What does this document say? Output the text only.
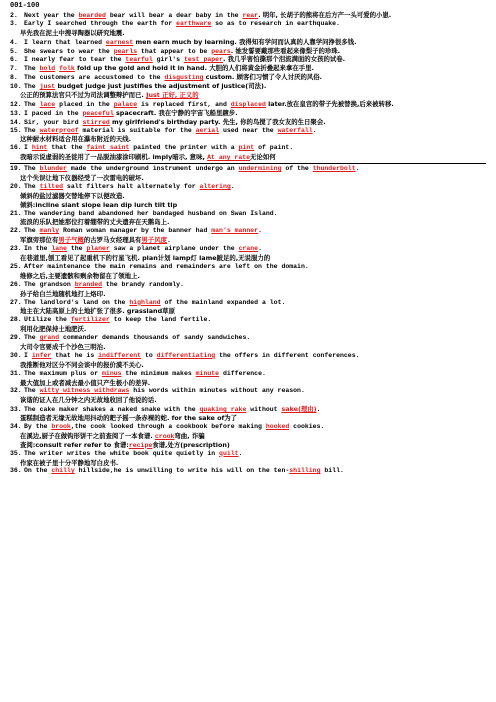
001-100
2.Next year the bearded bear will bear a dear baby in the rear. 明年, 长胡子的熊将在后方产一头可爱的小崽.
3.Early I searched through the earth for earthware so as to research in earthquake.
早先我在泥土中搜寻陶器以研究地震.
4.I learn that learned earnest men earn much by learning. 我得知有学问而认真的人靠学问挣很多钱.
5.She swears to wear the pearls that appear to be pears. 她发誓要戴那些看起来像梨子的珍珠.
6.I nearly fear to tear the tearful girl's test paper. 我几乎害怕撕那个泪流满面的女孩的试卷.
7.The bold folk fold up the gold and hold it in hand. 大胆的人们将黄金折叠起来拿在手里.
8.The customers are accustomed to the disgusting custom. 顾客们习惯了令人讨厌的风俗.
10.The just budget judge just justifies the adjustment of justice(司法).
公正的预算法官只不过为司法调整辩护而已. Just 正好, 正义的
12.The lace placed in the palace is replaced first, and displaced later.放在皇宫的带子先被替换,后来被转移.
13.I paced in the peaceful spacecraft. 我在宁静的宇宙飞船里踱步.
14.Sir, your bird stirred my girlfriend's birthday party. 先生, 你的鸟搅了我女友的生日聚会.
15.The waterproof material is suitable for the aerial used near the waterfall.
这种耐水材料适合用在瀑布附近的天线.
16.I hint that the faint saint painted the printer with a pint of paint.
我暗示说虚弱的圣徒用了一品脱油漆涂印刷机. imply暗示, 意味, At any rate无论如何
19.The blunder made the underground instrument undergo an undermining of the thunderbolt.
这个失误让地下仪器经受了一次雷电的破坏.
20.The tilted salt filters halt alternately for altering.
倾斜的盐过滤器交替地停下以便改造.
倾斜:incline slant slope lean dip lurch tilt tip
21.The wandering band abandoned her bandaged husband on Swan Island.
流浪的乐队把她那位打着绷带的丈夫遗弃在天鹅岛上.
22.The manly Roman woman manager by the banner had man's manner.
军旗旁那位有男子气概的古罗马女经理具有男子风度.
23.In the lane the planer saw a planet airplane under the crane.
在巷道里,刨工看见了起重机下的行星飞机. plan计划 lamp灯 lame跛足的,无说服力的
25.After maintenance the main remains and remainders are left on the domain.
维修之后,主要遗骸和剩余物留在了领地上.
26.The grandson branded the brandy randomly.
孙子给白兰地随机地打上烙印.
27.The landlord's land on the highland of the mainland expanded a lot.
地主在大陆高原上的土地扩张了很多. grassland草原
28.Utilize the fertilizer to keep the land fertile.
利用化肥保持土地肥沃.
29.The grand commander demands thousands of sandy sandwiches.
大司令官要成千个沙色三明治.
30.I infer that he is indifferent to differentiating the offers in different conferences.
我推断他对区分不同会谈中的报价漠不关心.
31.The maximum plus or minus the minimum makes minute difference.
最大值加上或者减去最小值只产生极小的差异.
32.The witty witness withdraws his words within minutes without any reason.
诙谐的证人在几分钟之内无故地收回了他说的话.
33.The cake maker shakes a naked snake with the quaking rake without sake(理由).
蛋糕制造者无缘无故地用抖动的耙子摇一条赤裸的蛇. for the sake of为了
34.By the brook,the cook looked through a cookbook before making hooked cookies.
在溪边,厨子在做钩形饼干之前查阅了一本食谱. crook弯曲, 诈骗
查阅:consult refer refer to 食谱:recipe食谱,处方(prescription)
35.The writer writes the white book quite quietly in quilt.
作家在被子里十分平静地写白皮书.
36.On the chilly hillside,he is unwilling to write his will on the ten-shilling bill.
